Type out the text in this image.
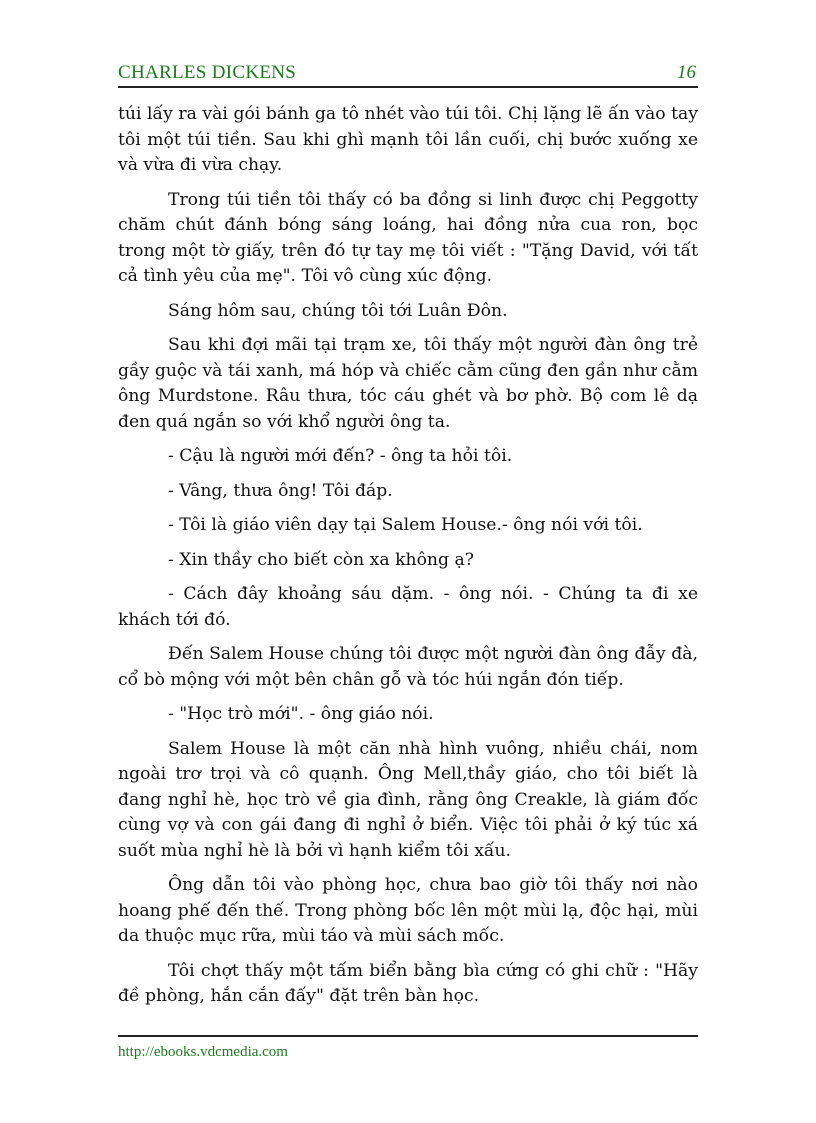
CHARLES DICKENS	16

túi lấy ra vài gói bánh ga tô nhét vào túi tôi. Chị lặng lẽ ấn vào tay tôi một túi tiền. Sau khi ghì mạnh tôi lần cuối, chị bước xuống xe và vừa đi vừa chạy.

Trong túi tiền tôi thấy có ba đồng si linh được chị Peggotty chăm chút đánh bóng sáng loáng, hai đồng nửa cua ron, bọc trong một tờ giấy, trên đó tự tay mẹ tôi viết : "Tặng David, với tất cả tình yêu của mẹ". Tôi vô cùng xúc động.

Sáng hôm sau, chúng tôi tới Luân Đôn.

Sau khi đợi mãi tại trạm xe, tôi thấy một người đàn ông trẻ gầy guộc và tái xanh, má hóp và chiếc cằm cũng đen gần như cằm ông Murdstone. Râu thưa, tóc cáu ghét và bơ phờ. Bộ com lê dạ đen quá ngắn so với khổ người ông ta.

- Cậu là người mới đến? - ông ta hỏi tôi.

- Vâng, thưa ông! Tôi đáp.

- Tôi là giáo viên dạy tại Salem House.- ông nói với tôi.

- Xin thầy cho biết còn xa không ạ?

- Cách đây khoảng sáu dặm. - ông nói. - Chúng ta đi xe khách tới đó.

Đến Salem House chúng tôi được một người đàn ông đẫy đà, cổ bò mộng với một bên chân gỗ và tóc húi ngắn đón tiếp.

- "Học trò mới". - ông giáo nói.

Salem House là một căn nhà hình vuông, nhiều chái, nom ngoài trơ trọi và cô quạnh. Ông Mell,thầy giáo, cho tôi biết là đang nghỉ hè, học trò về gia đình, rằng ông Creakle, là giám đốc cùng vợ và con gái đang đi nghỉ ở biển. Việc tôi phải ở ký túc xá suốt mùa nghỉ hè là bởi vì hạnh kiểm tôi xấu.

Ông dẫn tôi vào phòng học, chưa bao giờ tôi thấy nơi nào hoang phế đến thế. Trong phòng bốc lên một mùi lạ, độc hại, mùi da thuộc mục rữa, mùi táo và mùi sách mốc.

Tôi chợt thấy một tấm biển bằng bìa cứng có ghi chữ : "Hãy đề phòng, hắn cắn đấy" đặt trên bàn học.

http://ebooks.vdcmedia.com
